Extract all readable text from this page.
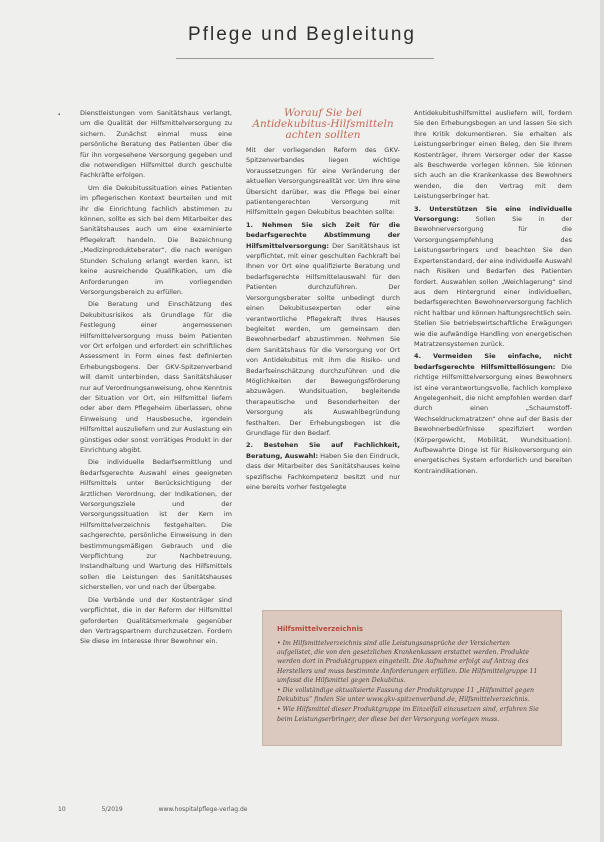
Pflege und Begleitung
▪	Dienstleistungen vom Sanitätshaus verlangt, um die Qualität der Hilfsmittelversorgung zu sichern. Zunächst einmal muss eine persönliche Beratung des Patienten über die für ihn vorgesehene Versorgung gegeben und die notwendigen Hilfsmittel durch geschulte Fachkräfte erfolgen.

Um die Dekubitussituation eines Patienten im pflegerischen Kontext beurteilen und mit ihr die Einrichtung fachlich abstimmen zu können, sollte es sich bei dem Mitarbeiter des Sanitätshauses auch um eine examinierte Pflegekraft handeln. Die Bezeichnung „Medizinprodukteberater“, die nach wenigen Stunden Schulung erlangt werden kann, ist keine ausreichende Qualifikation, um die Anforderungen im vorliegenden Versorgungsbereich zu erfüllen.

Die Beratung und Einschätzung des Dekubitusrisikos als Grundlage für die Festlegung einer angemessenen Hilfsmittelversorgung muss beim Patienten vor Ort erfolgen und erfordert ein schriftliches Assessment in Form eines fest definierten Erhebungsbogens. Der GKV-Spitzenverband will damit unterbinden, dass Sanitätshäuser nur auf Verordnungsanweisung, ohne Kenntnis der Situation vor Ort, ein Hilfsmittel liefern oder aber dem Pflegeheim überlassen, ohne Einweisung und Hausbesuche, irgendein Hilfsmittel auszuliefern und zur Auslastung ein günstiges oder sonst vorrätiges Produkt in der Einrichtung abgibt.

Die individuelle Bedarfsermittlung und Bedarfsgerechte Auswahl eines geeigneten Hilfsmittels unter Berücksichtigung der ärztlichen Verordnung, der Indikationen, der Versorgungsziele und der Versorgungssituation ist der Kern im Hilfsmittelverzeichnis festgehalten. Die sachgerechte, persönliche Einweisung in den bestimmungsmäßigen Gebrauch und die Verpflichtung zur Nachbetreuung, Instandhaltung und Wartung des Hilfsmittels sollen die Leistungen des Sanitätshauses sicherstellen, vor und nach der Übergabe.

Die Verbände und der Kostenträger sind verpflichtet, die in der Reform der Hilfsmittel geforderten Qualitätsmerkmale gegenüber den Vertragspartnern durchzusetzen. Fordern Sie diese im Interesse Ihrer Bewohner ein.

Worauf Sie bei Antidekubitus-Hilfsmitteln achten sollten

Mit der vorliegenden Reform des GKV-Spitzenverbandes liegen wichtige Voraussetzungen für eine Veränderung der aktuellen Versorgungsrealität vor. Um Ihre eine Übersicht darüber, was die Pflege bei einer patientengerechten Versorgung mit Hilfsmitteln gegen Dekubitus beachten sollte:

1. Nehmen Sie sich Zeit für die bedarfsgerechte Abstimmung der Hilfsmittelversorgung: Der Sanitätshaus ist verpflichtet, mit einer geschulten Fachkraft bei Ihnen vor Ort eine qualifizierte Beratung und bedarfsgerechte Hilfsmittelauswahl für den Patienten durchzuführen. Der Versorgungsberater sollte unbedingt durch einen Dekubitusexperten oder eine verantwortliche Pflegekraft Ihres Hauses begleitet werden, um gemeinsam den Bewohnerbedarf abzustimmen. Nehmen Sie dem Sanitätshaus für die Versorgung vor Ort von Antidekubitus mit ihm die Risiko- und Bedarfseinschätzung durchzuführen und die Möglichkeiten der Bewegungsförderung abzuwägen. Wundsituation, begleitende therapeutische und Besonderheiten der Versorgung als Auswahlbegründung festhalten. Der Erhebungsbogen ist die Grundlage für den Bedarf.

2. Bestehen Sie auf Fachlichkeit, Beratung, Auswahl: Haben Sie den Eindruck, dass der Mitarbeiter des Sanitätshauses keine spezifische Fachkompetenz besitzt und nur eine bereits vorher festgelegte

Antidekubitushilfsmittel ausliefern will, fordern Sie den Erhebungsbogen an und lassen Sie sich Ihre Kritik dokumentieren. Sie erhalten als Leistungserbringer einen Beleg, den Sie Ihrem Kostenträger, Ihrem Versorger oder der Kasse als Beschwerde vorlegen können. Sie können sich auch an die Krankenkasse des Bewohners wenden, die den Vertrag mit dem Leistungserbringer hat.

3. Unterstützen Sie eine individuelle Versorgung:	Sollen Sie in der Bewohnerversorgung für die Versorgungsempfehlung des Leistungserbringers und beachten Sie den Expertenstandard, der eine individuelle Auswahl nach Risiken und Bedarfen des Patienten fordert. Auswahlen sollen „Weichlagerung“ sind aus dem Hintergrund einer individuellen, bedarfsgerechten Bewohnerversorgung fachlich nicht haltbar und können haftungsrechtlich sein. Stellen Sie betriebswirtschaftliche Erwägungen wie die aufwändige Handling von energetischen Matratzensystemen zurück.

4. Vermeiden Sie einfache, nicht bedarfsgerechte Hilfsmittellösungen: Die richtige Hilfsmittelversorgung eines Bewohners ist eine verantwortungsvolle, fachlich komplexe Angelegenheit, die nicht empfohlen werden darf durch einen „Schaumstoff-Wechseldruckmatratzen“ ohne auf der Basis der Bewohnerbedürfnisse spezifiziert worden (Körpergewicht, Mobilität, Wundsituation). Aufbewahrte Dinge ist für Risikoversorgung ein energetisches System erforderlich und bereiten Kontraindikationen.

Hilfsmittelverzeichnis

• Im Hilfsmittelverzeichnis sind alle Leistungsansprüche der Versicherten aufgelistet, die von den gesetzlichen Krankenkassen erstattet werden. Produkte werden dort in Produktgruppen eingeteilt. Die Aufnahme erfolgt auf Antrag des Herstellers und muss bestimmte Anforderungen erfüllen. Die Hilfsmittelgruppe 11 umfasst die Hilfsmittel gegen Dekubitus.

• Die vollständige aktualisierte Fassung der Produktgruppe 11 „Hilfsmittel gegen Dekubitus“ finden Sie unter www.gkv-spitzenverband.de, Hilfsmittelverzeichnis.

• Wie Hilfsmittel dieser Produktgruppe im Einzelfall einzusetzen sind, erfahren Sie beim Leistungserbringer, der diese bei der Versorgung vorlegen muss.

10	5/2019	www.hospitalpflege-verlag.de
